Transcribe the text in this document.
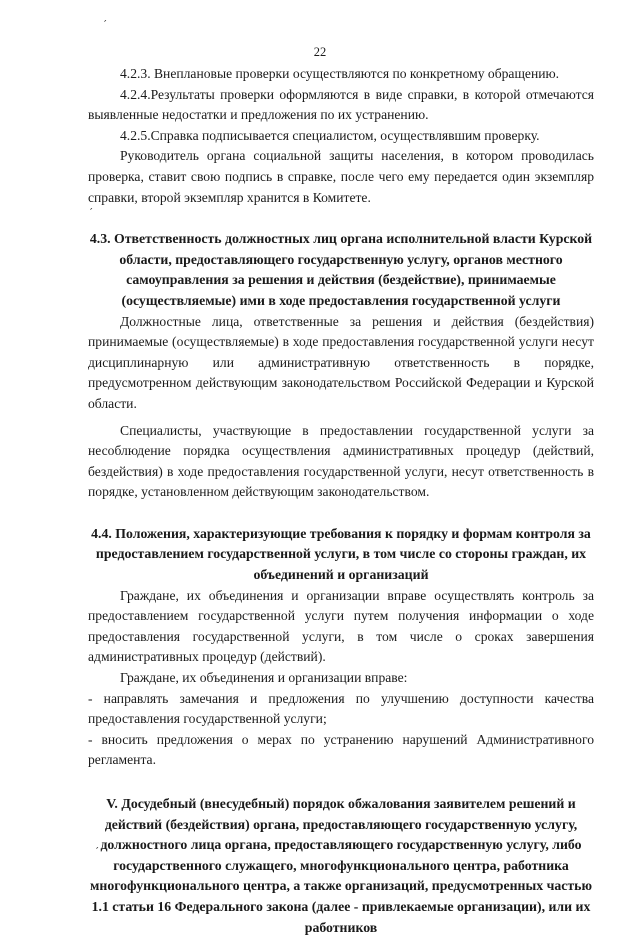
22

4.2.3. Внеплановые проверки осуществляются по конкретному обращению.

4.2.4.Результаты проверки оформляются в виде справки, в которой отмечаются выявленные недостатки и предложения по их устранению.

4.2.5.Справка подписывается специалистом, осуществлявшим проверку.

Руководитель органа социальной защиты населения, в котором проводилась проверка, ставит свою подпись в справке, после чего ему передается один экземпляр справки, второй экземпляр хранится в Комитете.

4.3. Ответственность должностных лиц органа исполнительной власти Курской области, предоставляющего государственную услугу, органов местного самоуправления за решения и действия (бездействие), принимаемые (осуществляемые) ими в ходе предоставления государственной услуги

Должностные лица, ответственные за решения и действия (бездействия) принимаемые (осуществляемые) в ходе предоставления государственной услуги несут дисциплинарную или административную ответственность в порядке, предусмотренном действующим законодательством Российской Федерации и Курской области.

Специалисты, участвующие в предоставлении государственной услуги за несоблюдение порядка осуществления административных процедур (действий, бездействия) в ходе предоставления государственной услуги, несут ответственность в порядке, установленном действующим законодательством.

4.4. Положения, характеризующие требования к порядку и формам контроля за предоставлением государственной услуги, в том числе со стороны граждан, их объединений и организаций

Граждане, их объединения и организации вправе осуществлять контроль за предоставлением государственной услуги путем получения информации о ходе предоставления государственной услуги, в том числе о сроках завершения административных процедур (действий).

Граждане, их объединения и организации вправе:

- направлять замечания и предложения по улучшению доступности качества предоставления государственной услуги;

- вносить предложения о мерах по устранению нарушений Административного регламента.

V. Досудебный (внесудебный) порядок обжалования заявителем решений и действий (бездействия) органа, предоставляющего государственную услугу, должностного лица органа, предоставляющего государственную услугу, либо государственного служащего, многофункционального центра, работника многофункционального центра, а также организаций, предусмотренных частью 1.1 статьи 16 Федерального закона (далее - привлекаемые организации), или их работников
′
′
′
